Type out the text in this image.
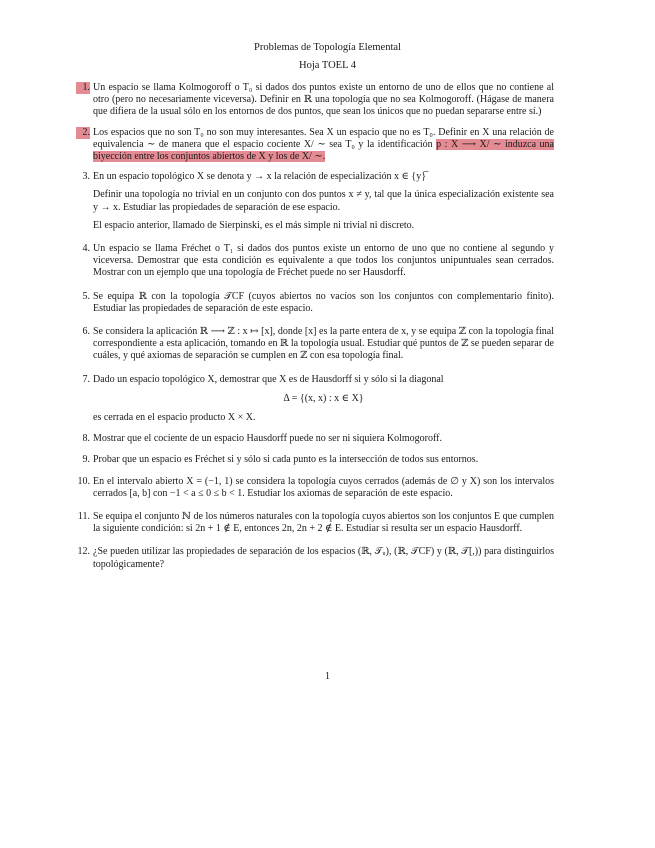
Problemas de Topología Elemental
Hoja TOEL 4
1. Un espacio se llama Kolmogoroff o T₀ si dados dos puntos existe un entorno de uno de ellos que no contiene al otro (pero no necesariamente viceversa). Definir en ℝ una topología que no sea Kolmogoroff. (Hágase de manera que difiera de la usual sólo en los entornos de dos puntos, que sean los únicos que no puedan separarse entre sí.)

2. Los espacios que no son T₀ no son muy interesantes. Sea X un espacio que no es T₀. Definir en X una relación de equivalencia ∼ de manera que el espacio cociente X/ ∼ sea T₀ y la identificación p : X ⟶ X/ ∼ induzca una biyección entre los conjuntos abiertos de X y los de X/ ∼.

3. En un espacio topológico X se denota y → x la relación de especialización x ∈ {y}̅

Definir una topología no trivial en un conjunto con dos puntos x ≠ y, tal que la única especialización existente sea y → x. Estudiar las propiedades de separación de ese espacio.

El espacio anterior, llamado de Sierpinski, es el más simple ni trivial ni discreto.

4. Un espacio se llama Fréchet o T₁ si dados dos puntos existe un entorno de uno que no contiene al segundo y viceversa. Demostrar que esta condición es equivalente a que todos los conjuntos unipuntuales sean cerrados. Mostrar con un ejemplo que una topología de Fréchet puede no ser Hausdorff.

5. Se equipa ℝ con la topología 𝒯CF (cuyos abiertos no vacíos son los conjuntos con complementario finito). Estudiar las propiedades de separación de este espacio.

6. Se considera la aplicación ℝ ⟶ ℤ : x ↦ [x], donde [x] es la parte entera de x, y se equipa ℤ con la topología final correspondiente a esta aplicación, tomando en ℝ la topología usual. Estudiar qué puntos de ℤ se pueden separar de cuáles, y qué axiomas de separación se cumplen en ℤ con esa topología final.

7. Dado un espacio topológico X, demostrar que X es de Hausdorff si y sólo si la diagonal

Δ = {(x, x) : x ∈ X}

es cerrada en el espacio producto X × X.

8. Mostrar que el cociente de un espacio Hausdorff puede no ser ni siquiera Kolmogoroff.

9. Probar que un espacio es Fréchet si y sólo si cada punto es la intersección de todos sus entornos.

10. En el intervalo abierto X = (−1, 1) se considera la topología cuyos cerrados (además de ∅ y X) son los intervalos cerrados [a, b] con −1 < a ≤ 0 ≤ b < 1. Estudiar los axiomas de separación de este espacio.

11. Se equipa el conjunto ℕ de los números naturales con la topología cuyos abiertos son los conjuntos E que cumplen la siguiente condición: si 2n + 1 ∉ E, entonces 2n, 2n + 2 ∉ E. Estudiar si resulta ser un espacio Hausdorff.

12. ¿Se pueden utilizar las propiedades de separación de los espacios (ℝ, 𝒯ᵤ), (ℝ, 𝒯CF) y (ℝ, 𝒯[,)) para distinguirlos topológicamente?

1
